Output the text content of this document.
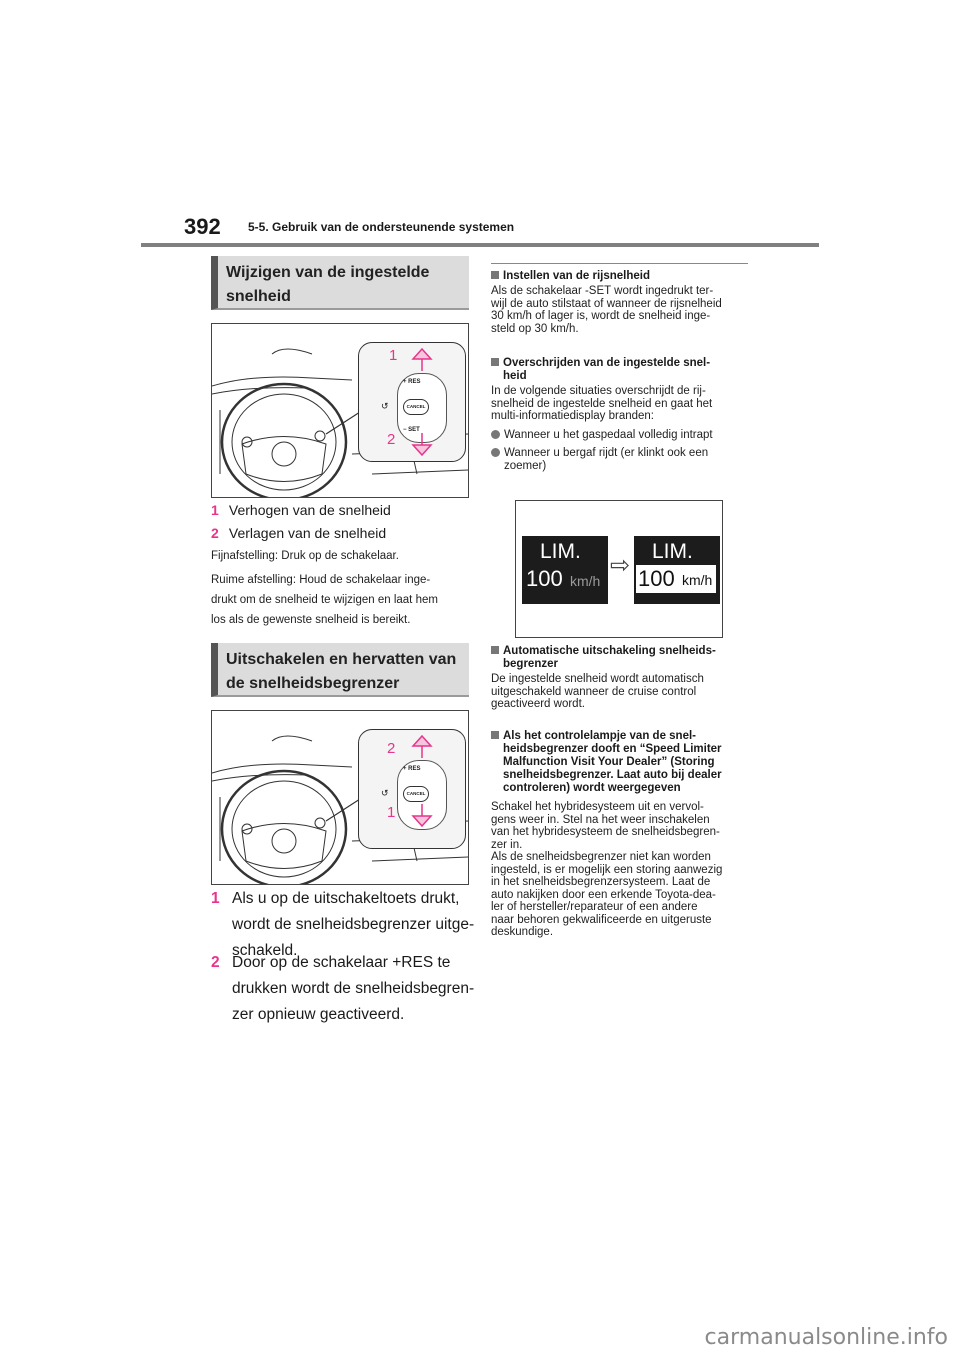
392 5-5. Gebruik van de ondersteunende systemen
Wijzigen van de ingestelde
snelheid
+ RES
CANCEL
− SET
↺
1
2
1 Verhogen van de snelheid
2 Verlagen van de snelheid
Fijnafstelling: Druk op de schakelaar.
Ruime afstelling: Houd de schakelaar inge-
drukt om de snelheid te wijzigen en laat hem
los als de gewenste snelheid is bereikt.
Uitschakelen en hervatten van
de snelheidsbegrenzer
+ RES
CANCEL
↺
2
1
1 Als u op de uitschakeltoets drukt,
wordt de snelheidsbegrenzer uitge-
schakeld.
2 Door op de schakelaar +RES te
drukken wordt de snelheidsbegren-
zer opnieuw geactiveerd.
Instellen van de rijsnelheid
Als de schakelaar -SET wordt ingedrukt ter-
wijl de auto stilstaat of wanneer de rijsnelheid
30 km/h of lager is, wordt de snelheid inge-
steld op 30 km/h.
Overschrijden van de ingestelde snel-
heid
In de volgende situaties overschrijdt de rij-
snelheid de ingestelde snelheid en gaat het
multi-informatiedisplay branden:
Wanneer u het gaspedaal volledig intrapt
Wanneer u bergaf rijdt (er klinkt ook een
zoemer)
LIM.
100 km/h
⇨
LIM.
100 km/h
Automatische uitschakeling snelheids-
begrenzer
De ingestelde snelheid wordt automatisch
uitgeschakeld wanneer de cruise control
geactiveerd wordt.
Als het controlelampje van de snel-
heidsbegrenzer dooft en “Speed Limiter
Malfunction Visit Your Dealer” (Storing
snelheidsbegrenzer. Laat auto bij dealer
controleren) wordt weergegeven
Schakel het hybridesysteem uit en vervol-
gens weer in. Stel na het weer inschakelen
van het hybridesysteem de snelheidsbegren-
zer in.
Als de snelheidsbegrenzer niet kan worden
ingesteld, is er mogelijk een storing aanwezig
in het snelheidsbegrenzersysteem. Laat de
auto nakijken door een erkende Toyota-dea-
ler of hersteller/reparateur of een andere
naar behoren gekwalificeerde en uitgeruste
deskundige.
carmanualsonline.info
